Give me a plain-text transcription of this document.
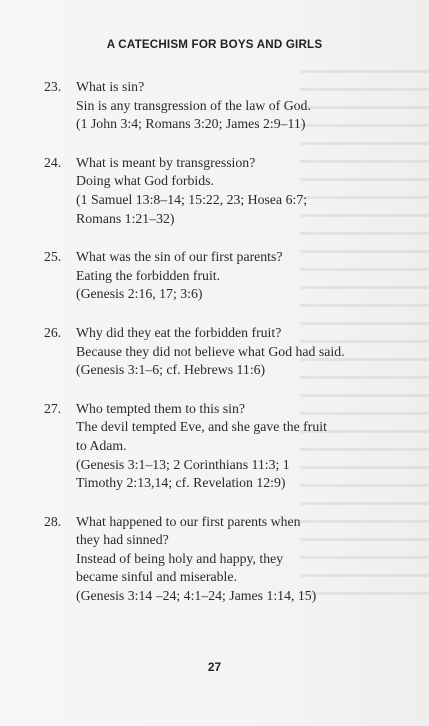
A CATECHISM FOR BOYS AND GIRLS
23. What is sin?
Sin is any transgression of the law of God.
(1 John 3:4; Romans 3:20; James 2:9–11)
24. What is meant by transgression?
Doing what God forbids.
(1 Samuel 13:8–14; 15:22, 23; Hosea 6:7;
Romans 1:21–32)
25. What was the sin of our first parents?
Eating the forbidden fruit.
(Genesis 2:16, 17; 3:6)
26. Why did they eat the forbidden fruit?
Because they did not believe what God had said.
(Genesis 3:1–6; cf. Hebrews 11:6)
27. Who tempted them to this sin?
The devil tempted Eve, and she gave the fruit
to Adam.
(Genesis 3:1–13; 2 Corinthians 11:3; 1
Timothy 2:13,14; cf. Revelation 12:9)
28. What happened to our first parents when
they had sinned?
Instead of being holy and happy, they
became sinful and miserable.
(Genesis 3:14 –24; 4:1–24; James 1:14, 15)
27
